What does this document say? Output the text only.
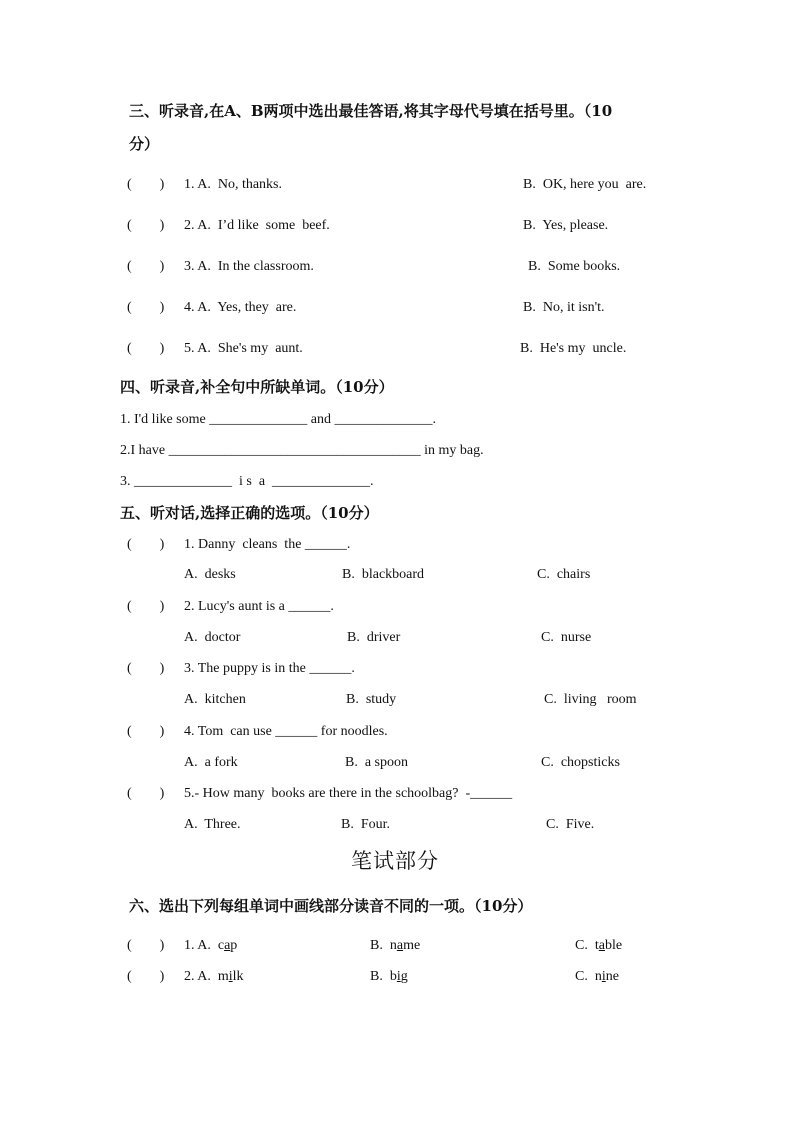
三、听录音,在A、B两项中选出最佳答语,将其字母代号填在括号里。（10
分）
(        ) 1. A.  No, thanks.	B.  OK, here you  are.
(        ) 2. A.  I’d like  some  beef.	B.  Yes, please.
(        ) 3. A.  In the classroom.	B.  Some books.
(        ) 4. A.  Yes, they  are.	B.  No, it isn't.
(        ) 5. A.  She's my  aunt.	B.  He's my  uncle.
四、听录音,补全句中所缺单词。（10分）
1. I'd like some ______________ and ______________.
2.I have ____________________________________ in my bag.
3. ______________  i s  a  ______________.
五、听对话,选择正确的选项。（10分）
(        ) 1. Danny  cleans  the ______.
A.  desks	B.  blackboard	C.  chairs
(        ) 2. Lucy's aunt is a ______.
A.  doctor	B.  driver	C.  nurse
(        ) 3. The puppy is in the ______.
A.  kitchen	B.  study	C.  living   room
(        ) 4. Tom  can use ______ for noodles.
A.  a fork	B.  a spoon	C.  chopsticks
(        ) 5.- How many  books are there in the schoolbag?  -______
A.  Three.	B.  Four.	C.  Five.
笔试部分
六、选出下列每组单词中画线部分读音不同的一项。（10分）
(        ) 1. A.  cap	B.  name	C.  table
(        ) 2. A.  milk	B.  big	C.  nine
